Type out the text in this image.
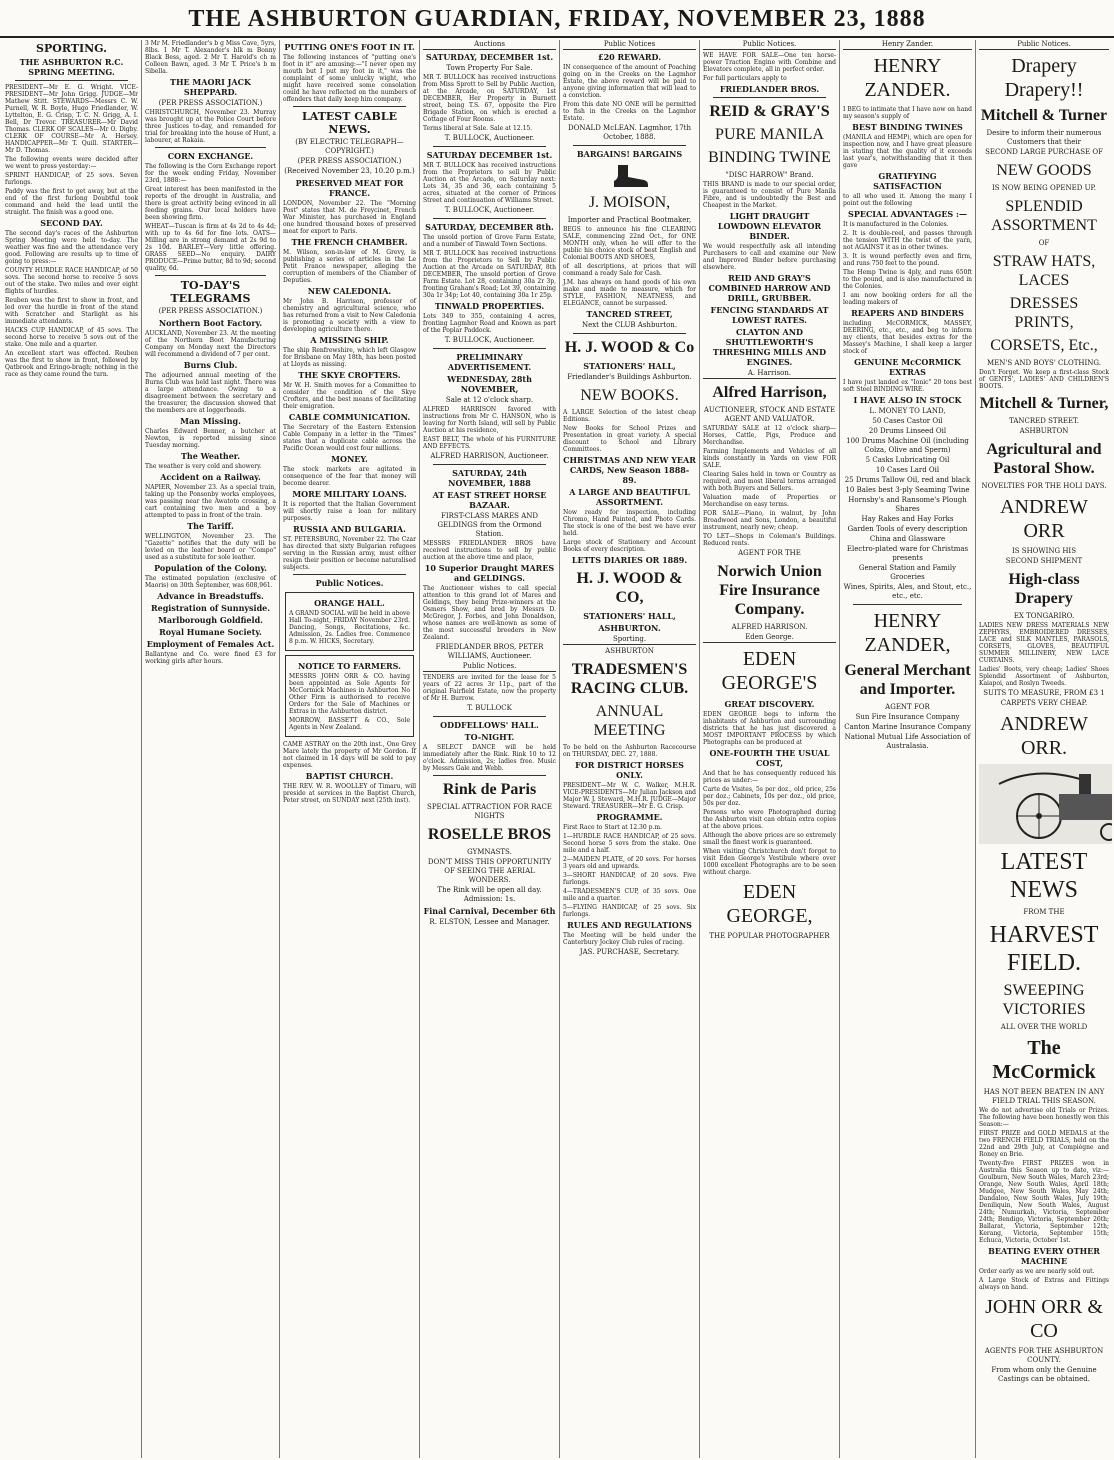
THE ASHBURTON GUARDIAN, FRIDAY, NOVEMBER 23, 1888
SPORTING.
THE ASHBURTON R.C. SPRING MEETING.

PRESIDENT—Mr E. G. Wright. VICE-PRESIDENT—Mr John Grigg. JUDGE—Mr Mathew Stitt. STEWARDS—Messrs C. W. Purnell, W. R. Boyle, Hugo Friedlander, W. Lyttelton, E. G. Crisp, T. C. N. Grigg, A. I. Bell, Dr Trevor. TREASURER—Mr David Thomas. CLERK OF SCALES—Mr O. Digby. CLERK OF COURSE—Mr A. Hersey. HANDICAPPER—Mr T. Quill. STARTER—Mr D. Thomas.

The following events were decided after we went to press yesterday:—

SPRINT HANDICAP, of 25 sovs. Seven furlongs.

Paddy was the first to get away, but at the end of the first furlong Doubtful took command and held the lead until the straight. The finish was a good one.

SECOND DAY.

The second day's races of the Ashburton Spring Meeting were held to-day. The weather was fine and the attendance very good. Following are results up to time of going to press:—

COUNTY HURDLE RACE HANDICAP, of 50 sovs. The second horse to receive 5 sovs out of the stake. Two miles and over eight flights of hurdles.

Reuben was the first to show in front, and led over the hurdle in front of the stand with Scratcher and Starlight as his immediate attendants.

HACKS CUP HANDICAP, of 45 sovs. The second horse to receive 5 sovs out of the stake. One mile and a quarter.

An excellent start was effected. Reuben was the first to show in front, followed by Qatbrook and Eringo-bragh; nothing in the race as they came round the turn.

3 Mr M. Friedlander's b g Miss Cave, 5yrs, 8lbs. 1 Mr T. Alexander's blk m Bonny Black Bess, aged. 2 Mr T. Harold's ch m Colleen Bawn, aged. 3 Mr T. Price's b m Sibella.

THE MAORI JACK SHEPPARD.
(PER PRESS ASSOCIATION.)

CHRISTCHURCH, November 23. Murray was brought up at the Police Court before three Justices to-day, and remanded for trial for breaking into the house of Hunt, a labourer, at Rakaia.

CORN EXCHANGE.

The following is the Corn Exchange report for the week ending Friday, November 23rd, 1888:—

Great interest has been manifested in the reports of the drought in Australia, and there is great activity being evinced in all feeding grains. Our local holders have been showing firm.

WHEAT—Tuscan is firm at 4s 2d to 4s 4d; with up to 4s 6d for fine lots. OATS—Milling are in strong demand at 2s 9d to 2s 10d. BARLEY—Very little offering. GRASS SEED—No enquiry. DAIRY PRODUCE—Prime butter, 8d to 9d; second quality, 6d.

TO-DAY'S TELEGRAMS
(PER PRESS ASSOCIATION.)
Northern Boot Factory.

AUCKLAND, November 23. At the meeting of the Northern Boot Manufacturing Company on Monday next the Directors will recommend a dividend of 7 per cent.

Burns Club.

The adjourned annual meeting of the Burns Club was held last night. There was a large attendance. Owing to a disagreement between the secretary and the treasurer, the discussion showed that the members are at loggerheads.

Man Missing.

Charles Edward Benner, a butcher at Newton, is reported missing since Tuesday morning.

The Weather.

The weather is very cold and showery.

Accident on a Railway.

NAPIER, November 23. As a special train, taking up the Ponsonby works employees, was passing near the Awatoto crossing, a cart containing two men and a boy attempted to pass in front of the train.

The Tariff.

WELLINGTON, November 23. The "Gazette" notifies that the duty will be levied on the leather board or "Compo" used as a substitute for sole leather.

Population of the Colony.

The estimated population (exclusive of Maoris) on 30th September, was 608,961.

Advance in Breadstuffs.
Registration of Sunnyside.
Marlborough Goldfield.
Royal Humane Society.
Employment of Females Act.

Ballantyne and Co. were fined £3 for working girls after hours.

PUTTING ONE'S FOOT IN IT.

The following instances of "putting one's foot in it" are amusing:—"I never open my mouth but I put my foot in it," was the complaint of some unlucky wight, who might have received some consolation could he have reflected on the numbers of offenders that daily keep him company.

LATEST CABLE NEWS.
(BY ELECTRIC TELEGRAPH—COPYRIGHT.)
(PER PRESS ASSOCIATION.)
(Received November 23, 10.20 p.m.)
PRESERVED MEAT FOR FRANCE.

LONDON, November 22. The "Morning Post" states that M. de Freycinet, French War Minister, has purchased in England one hundred thousand boxes of preserved meat for export to Paris.

THE FRENCH CHAMBER.

M. Wilson, son-in-law of M. Grevy, is publishing a series of articles in the Le Petit France newspaper, alleging the corruption of members of the Chamber of Deputies.

NEW CALEDONIA.

Mr John B. Harrison, professor of chemistry and agricultural science, who has returned from a visit to New Caledonia is promoting a society with a view to developing agriculture there.

A MISSING SHIP.

The ship Renfrewshire, which left Glasgow for Brisbane on May 18th, has been posted at Lloyds as missing.

THE SKYE CROFTERS.

Mr W. H. Smith moves for a Committee to consider the condition of the Skye Crofters, and the best means of facilitating their emigration.

CABLE COMMUNICATION.

The Secretary of the Eastern Extension Cable Company in a letter in the "Times" states that a duplicate cable across the Pacific Ocean would cost four millions.

MONEY.

The stock markets are agitated in consequence of the fear that money will become dearer.

MORE MILITARY LOANS.

It is reported that the Italian Government will shortly raise a loan for military purposes.

RUSSIA AND BULGARIA.

ST. PETERSBURG, November 22. The Czar has directed that sixty Bulgarian refugees serving in the Russian army, must either resign their position or become naturalised subjects.

Public Notices.
ORANGE HALL.

A GRAND SOCIAL will be held in above Hall To-night, FRIDAY November 23rd. Dancing, Songs, Recitations, &c. Admission, 2s. Ladies free. Commence 8 p.m. W. HICKS, Secretary.

NOTICE TO FARMERS.

MESSRS JOHN ORR & CO. having been appointed as Sole Agents for McCormick Machines in Ashburton No Other Firm is authorised to receive Orders for the Sale of Machines or Extras in the Ashburton district.

MORROW, BASSETT & CO., Sole Agents in New Zealand.

CAME ASTRAY on the 20th inst., One Grey Mare lately the property of Mr Gordon. If not claimed in 14 days will be sold to pay expenses.

BAPTIST CHURCH.

THE REV. W. R. WOOLLEY of Timaru, will preside at services in the Baptist Church, Peter street, on SUNDAY next (25th inst).

Auctions
SATURDAY, DECEMBER 1st.
Town Property For Sale.

MR T. BULLOCK has received instructions from Miss Sprott to Sell by Public Auction, at the Arcade, on SATURDAY, 1st DECEMBER, Her Property in Burnett street, being T.S. 67, opposite the Fire Brigade Station, on which is erected a Cottage of Four Rooms.

Terms liberal at Sale. Sale at 12.15.

T. BULLOCK, Auctioneer.
SATURDAY DECEMBER 1st.

MR T. BULLOCK has received instructions from the Proprietors to sell by Public Auction at the Arcade, on Saturday next: Lots 34, 35 and 36, each containing 5 acres, situated at the corner of Princes Street and continuation of Williams Street.

T. BULLOCK, Auctioneer.
SATURDAY, DECEMBER 8th.

The unsold portion of Grove Farm Estate, and a number of Tinwald Town Sections.

MR T. BULLOCK has received instructions from the Proprietors to Sell by Public Auction at the Arcade on SATURDAY, 8th DECEMBER, The unsold portion of Grove Farm Estate. Lot 28, containing 30a 2r 3p, fronting Graham's Road; Lot 39, containing 30a 1r 34p; Lot 40, containing 30a 1r 25p.

TINWALD PROPERTIES.

Lots 349 to 355, containing 4 acres, fronting Lagmhor Road and Known as part of the Poplar Paddock.

T. BULLOCK, Auctioneer.
PRELIMINARY ADVERTISEMENT.
WEDNESDAY, 28th NOVEMBER,
Sale at 12 o'clock sharp.

ALFRED HARRISON favored with instructions from Mr C. HANSON, who is leaving for North Island, will sell by Public Auction at his residence,

EAST BELT, The whole of his FURNITURE AND EFFECTS.

ALFRED HARRISON, Auctioneer.
SATURDAY, 24th NOVEMBER, 1888
AT EAST STREET HORSE BAZAAR.
FIRST-CLASS MARES AND GELDINGS from the Ormond Station.

MESSRS FRIEDLANDER BROS have received instructions to sell by public auction at the above time and place,

10 Superior Draught MARES and GELDINGS.

The Auctioneer wishes to call special attention to this grand lot of Mares and Geldings, they being Prize-winners at the Osmers Show, and bred by Messrs D. McGregor, J. Forbes, and John Donaldson, whose names are well-known as some of the most successful breeders in New Zealand.

FRIEDLANDER BROS, PETER WILLIAMS, Auctioneer.
Public Notices.

TENDERS are invited for the lease for 5 years of 22 acres 3r 11p., part of the original Fairfield Estate, now the property of Mr H. Burrow.

T. BULLOCK
ODDFELLOWS' HALL.
TO-NIGHT.

A SELECT DANCE will be held immediately after the Rink. Rink 10 to 12 o'clock. Admission, 2s; ladies free. Music by Messrs Gale and Webb.

Rink de Paris
SPECIAL ATTRACTION FOR RACE NIGHTS
ROSELLE BROS
GYMNASTS.
DON'T MISS THIS OPPORTUNITY OF SEEING THE AERIAL WONDERS.
The Rink will be open all day. Admission: 1s.
Final Carnival, December 6th
R. ELSTON, Lessee and Manager.
Public Notices
£20 REWARD.

IN consequence of the amount of Poaching going on in the Creeks on the Lagmhor Estate, the above reward will be paid to anyone giving information that will lead to a conviction.

From this date NO ONE will be permitted to fish in the Creeks on the Lagmhor Estate.

DONALD McLEAN. Lagmhor, 17th October, 1888.
BARGAINS! BARGAINS
J. MOISON,
Importer and Practical Bootmaker,

BEGS to announce his fine CLEARING SALE, commencing 22nd Oct., for ONE MONTH only, when he will offer to the public his choice stock of best English and Colonial BOOTS AND SHOES,

of all descriptions, at prices that will command a ready Sale for Cash.

J.M. has always on hand goods of his own make and made to measure, which for STYLE, FASHION, NEATNESS, and ELEGANCE, cannot be surpassed.

TANCRED STREET,
Next the CLUB Ashburton.
H. J. WOOD & Co
STATIONERS' HALL,
Friedlander's Buildings Ashburton.
NEW BOOKS.

A LARGE Selection of the latest cheap Editions.

New Books for School Prizes and Presentation in great variety. A special discount to School and Library Committees.

CHRISTMAS AND NEW YEAR CARDS, New Season 1888-89.
A LARGE AND BEAUTIFUL ASSORTMENT.

Now ready for inspection, including Chromo, Hand Painted, and Photo Cards. The stock is one of the best we have ever held.

Large stock of Stationery and Account Books of every description.

LETTS DIARIES OR 1889.
H. J. WOOD & CO,
STATIONERS' HALL,
ASHBURTON.
Sporting.
ASHBURTON
TRADESMEN'S RACING CLUB.
ANNUAL MEETING

To be held on the Ashburton Racecourse on THURSDAY, DEC. 27, 1888.

FOR DISTRICT HORSES ONLY.

PRESIDENT—Mr W. C. Walker, M.H.R. VICE-PRESIDENTS—Mr Julian Jackson and Major W. J. Steward, M.H.R. JUDGE—Major Steward. TREASURER—Mr E. G. Crisp.

PROGRAMME.

First Race to Start at 12.30 p.m.

1—HURDLE RACE HANDICAP, of 25 sovs. Second horse 5 sovs from the stake. One mile and a half.

2—MAIDEN PLATE, of 20 sovs. For horses 3 years old and upwards.

3—SHORT HANDICAP, of 20 sovs. Five furlongs.

4—TRADESMEN'S CUP, of 35 sovs. One mile and a quarter.

5—FLYING HANDICAP, of 25 sovs. Six furlongs.

RULES AND REGULATIONS

The Meeting will be held under the Canterbury Jockey Club rules of racing.

JAS. PURCHASE, Secretary.
Public Notices.

WE HAVE FOR SALE—One ten horse-power Traction Engine with Combine and Elevators complete, all in perfect order.

For full particulars apply to

FRIEDLANDER BROS.
REID & GRAY'S
PURE MANILA
BINDING TWINE
"DISC HARROW" Brand.

THIS BRAND is made to our special order, is guaranteed to consist of Pure Manila Fibre, and is undoubtedly the Best and Cheapest in the Market.

LIGHT DRAUGHT LOWDOWN ELEVATOR BINDER.

We would respectfully ask all intending Purchasers to call and examine our New and Improved Binder before purchasing elsewhere.

REID AND GRAY'S COMBINED HARROW AND DRILL, GRUBBER.
FENCING STANDARDS AT LOWEST RATES.
CLAYTON AND SHUTTLEWORTH'S THRESHING MILLS AND ENGINES.
A. Harrison.
Alfred Harrison,
AUCTIONEER, STOCK AND ESTATE AGENT AND VALUATOR.

SATURDAY SALE at 12 o'clock sharp—Horses, Cattle, Pigs, Produce and Merchandise.

Farming Implements and Vehicles of all kinds constantly in Yards on view FOR SALE.

Clearing Sales held in town or Country as required, and most liberal terms arranged with both Buyers and Sellers.

Valuation made of Properties or Merchandise on easy terms.

FOR SALE—Piano, in walnut, by John Broadwood and Sons, London, a beautiful instrument, nearly new; cheap.

TO LET—Shops in Coleman's Buildings. Reduced rents.

AGENT FOR THE
Norwich Union Fire Insurance Company.
ALFRED HARRISON.
Eden George.
EDEN GEORGE'S
GREAT DISCOVERY.

EDEN GEORGE begs to inform the inhabitants of Ashburton and surrounding districts that he has just discovered a MOST IMPORTANT PROCESS by which Photographs can be produced at

ONE-FOURTH THE USUAL COST,

And that he has consequently reduced his prices as under:—

Carte de Visites, 5s per doz., old price, 25s per doz.; Cabinets, 10s per doz., old price, 50s per doz.

Persons who were Photographed during the Ashburton visit can obtain extra copies at the above prices.

Although the above prices are so extremely small the finest work is guaranteed.

When visiting Christchurch don't forget to visit Eden George's Vestibule where over 1000 excellent Photographs are to be seen without charge.

EDEN GEORGE,
THE POPULAR PHOTOGRAPHER
Henry Zander.
HENRY ZANDER.

I BEG to intimate that I have now on hand my season's supply of

BEST BINDING TWINES

(MANILA and HEMP), which are open for inspection now, and I have great pleasure in stating that the quality of it exceeds last year's, notwithstanding that it then gave

GRATIFYING SATISFACTION

to all who used it. Among the many I point out the following

SPECIAL ADVANTAGES :—

It is manufactured in the Colonies.

2. It is double-reel, and passes through the tension WITH the twist of the yarn, not AGAINST it as in other twines.

3. It is wound perfectly even and firm, and runs 750 feet to the pound.

The Hemp Twine is 4ply, and runs 650ft to the pound, and is also manufactured in the Colonies.

I am now booking orders for all the leading makers of

REAPERS AND BINDERS

including McCORMICK, MASSEY, DEERING, etc., etc., and beg to inform my clients, that besides extras for the Massey's Machine, I shall keep a larger stock of

GENUINE McCORMICK EXTRAS

I have just landed ex "Ionic" 20 tons best soft Steel BINDING WIRE.

I HAVE ALSO IN STOCK
L. MONEY TO LAND,
50 Cases Castor Oil
20 Drums Linseed Oil
100 Drums Machine Oil (including Colza, Olive and Sperm)
5 Casks Lubricating Oil
10 Cases Lard Oil
25 Drums Tallow Oil, red and black
10 Bales best 3-ply Seaming Twine
Hornsby's and Ransome's Plough Shares
Hay Rakes and Hay Forks
Garden Tools of every description
China and Glassware
Electro-plated ware for Christmas presents
General Station and Family Groceries
Wines, Spirits, Ales, and Stout, etc., etc., etc.
HENRY ZANDER,
General Merchant and Importer.
AGENT FOR
Sun Fire Insurance Company
Canton Marine Insurance Company
National Mutual Life Association of Australasia.
Public Notices.
Drapery Drapery!!
Mitchell & Turner
Desire to inform their numerous Customers that their
SECOND LARGE PURCHASE OF
NEW GOODS
IS NOW BEING OPENED UP.
SPLENDID ASSORTMENT
OF
STRAW HATS, LACES
DRESSES PRINTS,
CORSETS, Etc.,
MEN'S AND BOYS' CLOTHING.

Don't Forget. We keep a first-class Stock of GENTS', LADIES' AND CHILDREN'S BOOTS.

Mitchell & Turner,
TANCRED STREET.
ASHBURTON
Agricultural and Pastoral Show.
NOVELTIES FOR THE HOLI DAYS.
ANDREW ORR
IS SHOWING HIS
SECOND SHIPMENT
High-class Drapery
EX TONGARIRO.

LADIES NEW DRESS MATERIALS NEW ZEPHYRS, EMBROIDERED DRESSES, LACE and SILK MANTLES, PARASOLS, CORSETS, GLOVES, BEAUTIFUL SUMMER MILLINERY, NEW LACE CURTAINS.

Ladies' Boots, very cheap; Ladies' Shoes Splendid Assortment of Ashburton, Kaiapoi, and Roslyn Tweeds.

SUITS TO MEASURE, FROM £3 1
CARPETS VERY CHEAP.
ANDREW ORR.
LATEST NEWS
FROM THE
HARVEST FIELD.
SWEEPING VICTORIES
ALL OVER THE WORLD
The McCormick
HAS NOT BEEN BEATEN IN ANY FIELD TRIAL THIS SEASON.

We do not advertise old Trials or Prizes. The following have been honestly won this Season:—

FIRST PRIZE and GOLD MEDALS at the two FRENCH FIELD TRIALS, held on the 22nd and 29th July, at Compiègne and Roney en Brie.

Twenty-five FIRST PRIZES won in Australia this Season up to date, viz:—Goulburn, New South Wales, March 23rd; Orange, New South Wales, April 18th; Mudgee, New South Wales, May 24th; Dandaloo, New South Wales, July 19th; Deniliquin, New South Wales, August 24th; Numurkah, Victoria, September 24th; Bendigo, Victoria, September 26th; Ballarat, Victoria, September 12th; Kerang, Victoria, September 15th; Echuca, Victoria, October 1st.

BEATING EVERY OTHER MACHINE

Order early as we are nearly sold out.

A Large Stock of Extras and Fittings always on hand.

JOHN ORR & CO
AGENTS FOR THE ASHBURTON COUNTY.
From whom only the Genuine Castings can be obtained.
